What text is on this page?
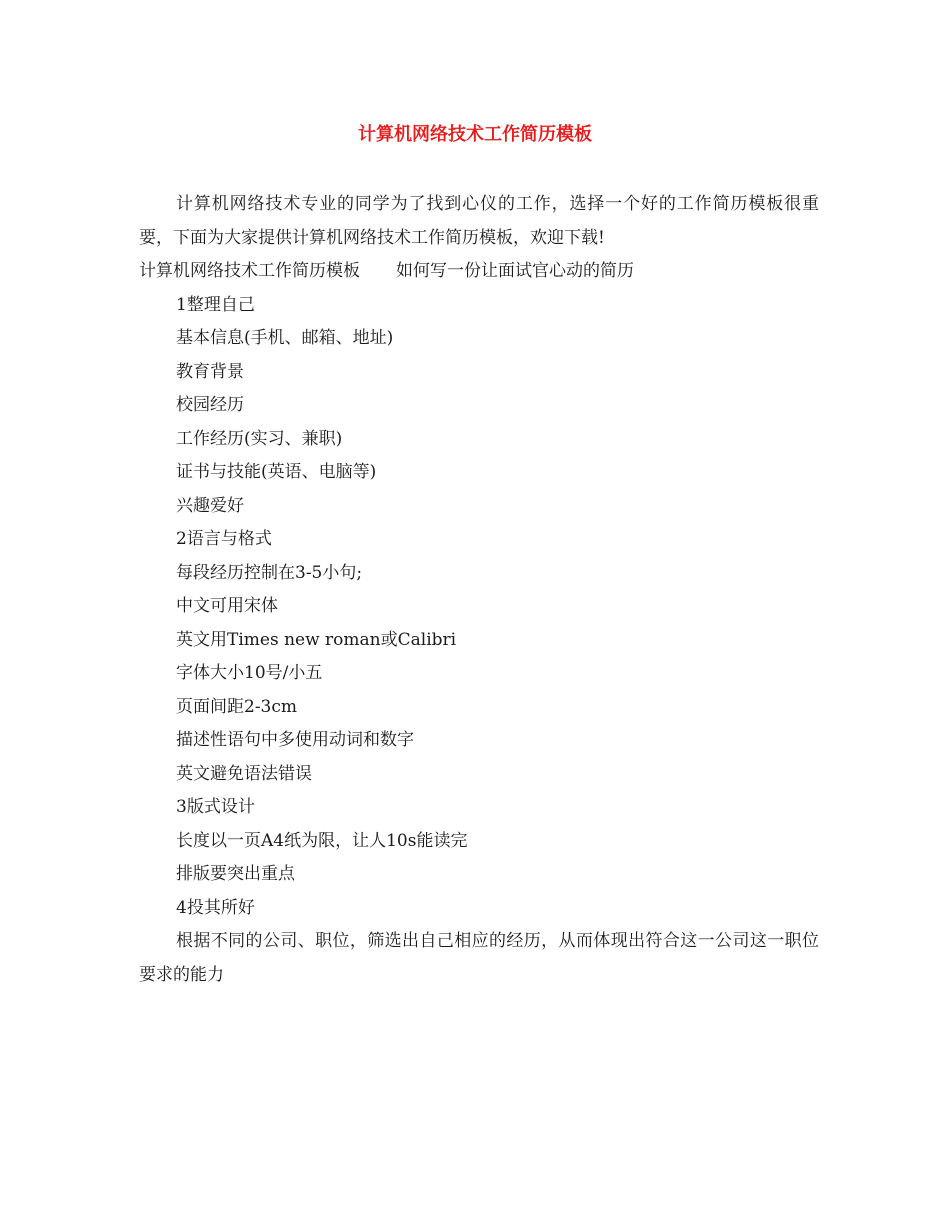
计算机网络技术工作简历模板

计算机网络技术专业的同学为了找到心仪的工作，选择一个好的工作简历模板很重要，下面为大家提供计算机网络技术工作简历模板，欢迎下载!

计算机网络技术工作简历模板 如何写一份让面试官心动的简历

1整理自己

基本信息(手机、邮箱、地址)

教育背景

校园经历

工作经历(实习、兼职)

证书与技能(英语、电脑等)

兴趣爱好

2语言与格式

每段经历控制在3-5小句;

中文可用宋体

英文用Times new roman或Calibri

字体大小10号/小五

页面间距2-3cm

描述性语句中多使用动词和数字

英文避免语法错误

3版式设计

长度以一页A4纸为限，让人10s能读完

排版要突出重点

4投其所好

根据不同的公司、职位，筛选出自己相应的经历，从而体现出符合这一公司这一职位要求的能力
